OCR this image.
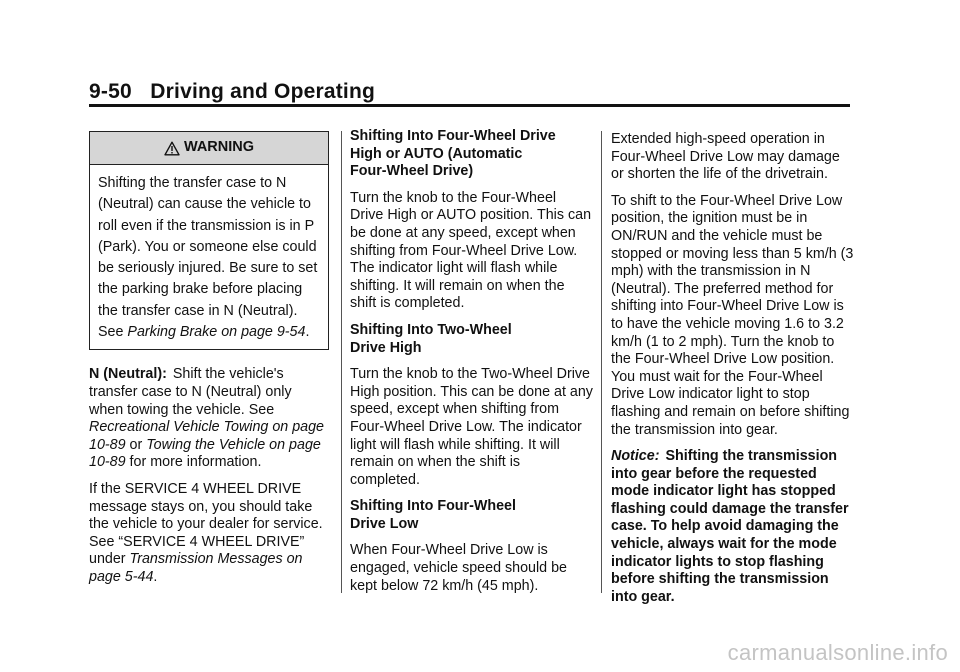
9-50 Driving and Operating
WARNING
Shifting the transfer case to N (Neutral) can cause the vehicle to roll even if the transmission is in P (Park). You or someone else could be seriously injured. Be sure to set the parking brake before placing the transfer case in N (Neutral). See Parking Brake on page 9-54.

N (Neutral): Shift the vehicle's transfer case to N (Neutral) only when towing the vehicle. See Recreational Vehicle Towing on page 10-89 or Towing the Vehicle on page 10-89 for more information.

If the SERVICE 4 WHEEL DRIVE message stays on, you should take the vehicle to your dealer for service. See “SERVICE 4 WHEEL DRIVE” under Transmission Messages on page 5-44.

Shifting Into Four-Wheel Drive
High or AUTO (Automatic
Four-Wheel Drive)

Turn the knob to the Four-Wheel Drive High or AUTO position. This can be done at any speed, except when shifting from Four-Wheel Drive Low. The indicator light will flash while shifting. It will remain on when the shift is completed.

Shifting Into Two-Wheel
Drive High

Turn the knob to the Two-Wheel Drive High position. This can be done at any speed, except when shifting from Four-Wheel Drive Low. The indicator light will flash while shifting. It will remain on when the shift is completed.

Shifting Into Four-Wheel
Drive Low

When Four-Wheel Drive Low is engaged, vehicle speed should be kept below 72 km/h (45 mph).

Extended high-speed operation in Four-Wheel Drive Low may damage or shorten the life of the drivetrain.

To shift to the Four-Wheel Drive Low position, the ignition must be in ON/RUN and the vehicle must be stopped or moving less than 5 km/h (3 mph) with the transmission in N (Neutral). The preferred method for shifting into Four-Wheel Drive Low is to have the vehicle moving 1.6 to 3.2 km/h (1 to 2 mph). Turn the knob to the Four-Wheel Drive Low position. You must wait for the Four-Wheel Drive Low indicator light to stop flashing and remain on before shifting the transmission into gear.

Notice: Shifting the transmission into gear before the requested mode indicator light has stopped flashing could damage the transfer case. To help avoid damaging the vehicle, always wait for the mode indicator lights to stop flashing before shifting the transmission into gear.

carmanualsonline.info
